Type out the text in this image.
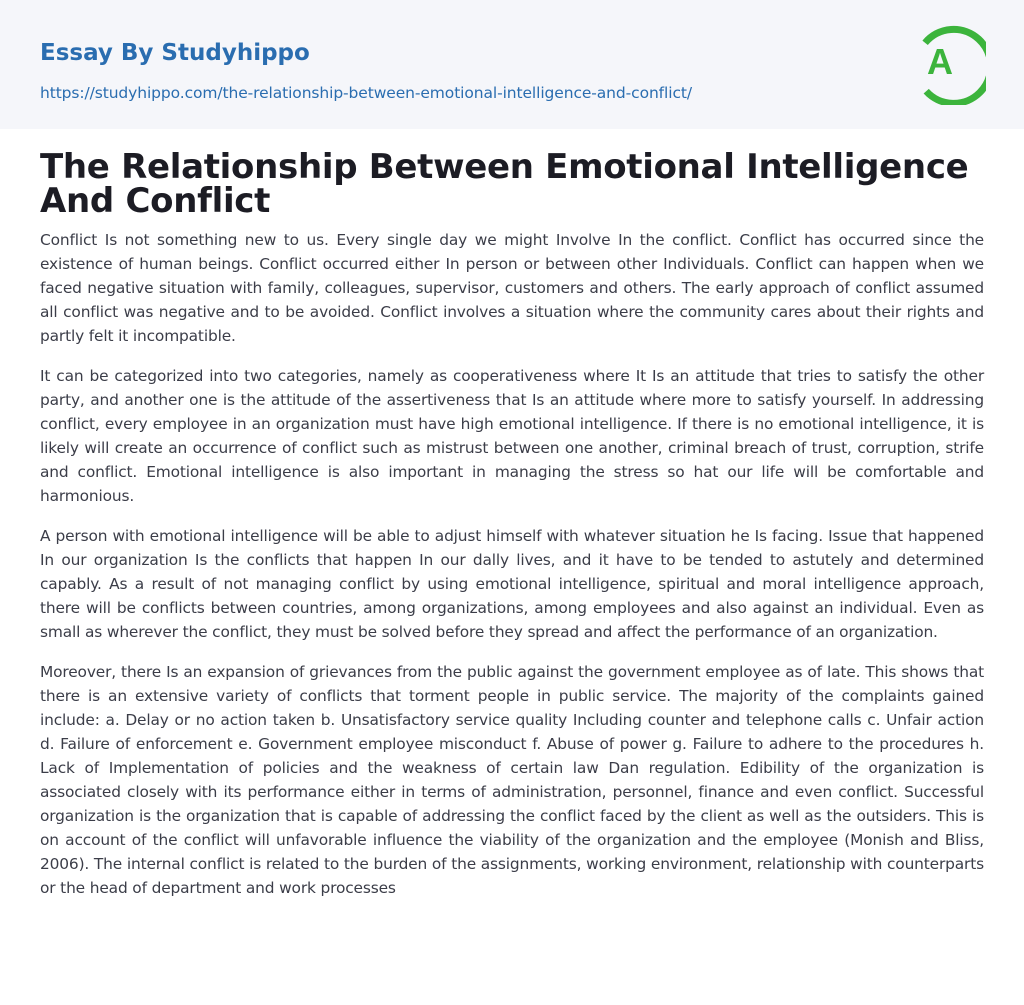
Essay By Studyhippo
https://studyhippo.com/the-relationship-between-emotional-intelligence-and-conflict/
A
The Relationship Between Emotional Intelligence And Conflict

Conflict Is not something new to us. Every single day we might Involve In the conflict. Conflict has occurred since the existence of human beings. Conflict occurred either In person or between other Individuals. Conflict can happen when we faced negative situation with family, colleagues, supervisor, customers and others. The early approach of conflict assumed all conflict was negative and to be avoided. Conflict involves a situation where the community cares about their rights and partly felt it incompatible.

It can be categorized into two categories, namely as cooperativeness where It Is an attitude that tries to satisfy the other party, and another one is the attitude of the assertiveness that Is an attitude where more to satisfy yourself. In addressing conflict, every employee in an organization must have high emotional intelligence. If there is no emotional intelligence, it is likely will create an occurrence of conflict such as mistrust between one another, criminal breach of trust, corruption, strife and conflict. Emotional intelligence is also important in managing the stress so hat our life will be comfortable and harmonious.

A person with emotional intelligence will be able to adjust himself with whatever situation he Is facing. Issue that happened In our organization Is the conflicts that happen In our dally lives, and it have to be tended to astutely and determined capably. As a result of not managing conflict by using emotional intelligence, spiritual and moral intelligence approach, there will be conflicts between countries, among organizations, among employees and also against an individual. Even as small as wherever the conflict, they must be solved before they spread and affect the performance of an organization.

Moreover, there Is an expansion of grievances from the public against the government employee as of late. This shows that there is an extensive variety of conflicts that torment people in public service. The majority of the complaints gained include: a. Delay or no action taken b. Unsatisfactory service quality Including counter and telephone calls c. Unfair action d. Failure of enforcement e. Government employee misconduct f. Abuse of power g. Failure to adhere to the procedures h. Lack of Implementation of policies and the weakness of certain law Dan regulation. Edibility of the organization is associated closely with its performance either in terms of administration, personnel, finance and even conflict. Successful organization is the organization that is capable of addressing the conflict faced by the client as well as the outsiders. This is on account of the conflict will unfavorable influence the viability of the organization and the employee (Monish and Bliss, 2006). The internal conflict is related to the burden of the assignments, working environment, relationship with counterparts or the head of department and work processes
